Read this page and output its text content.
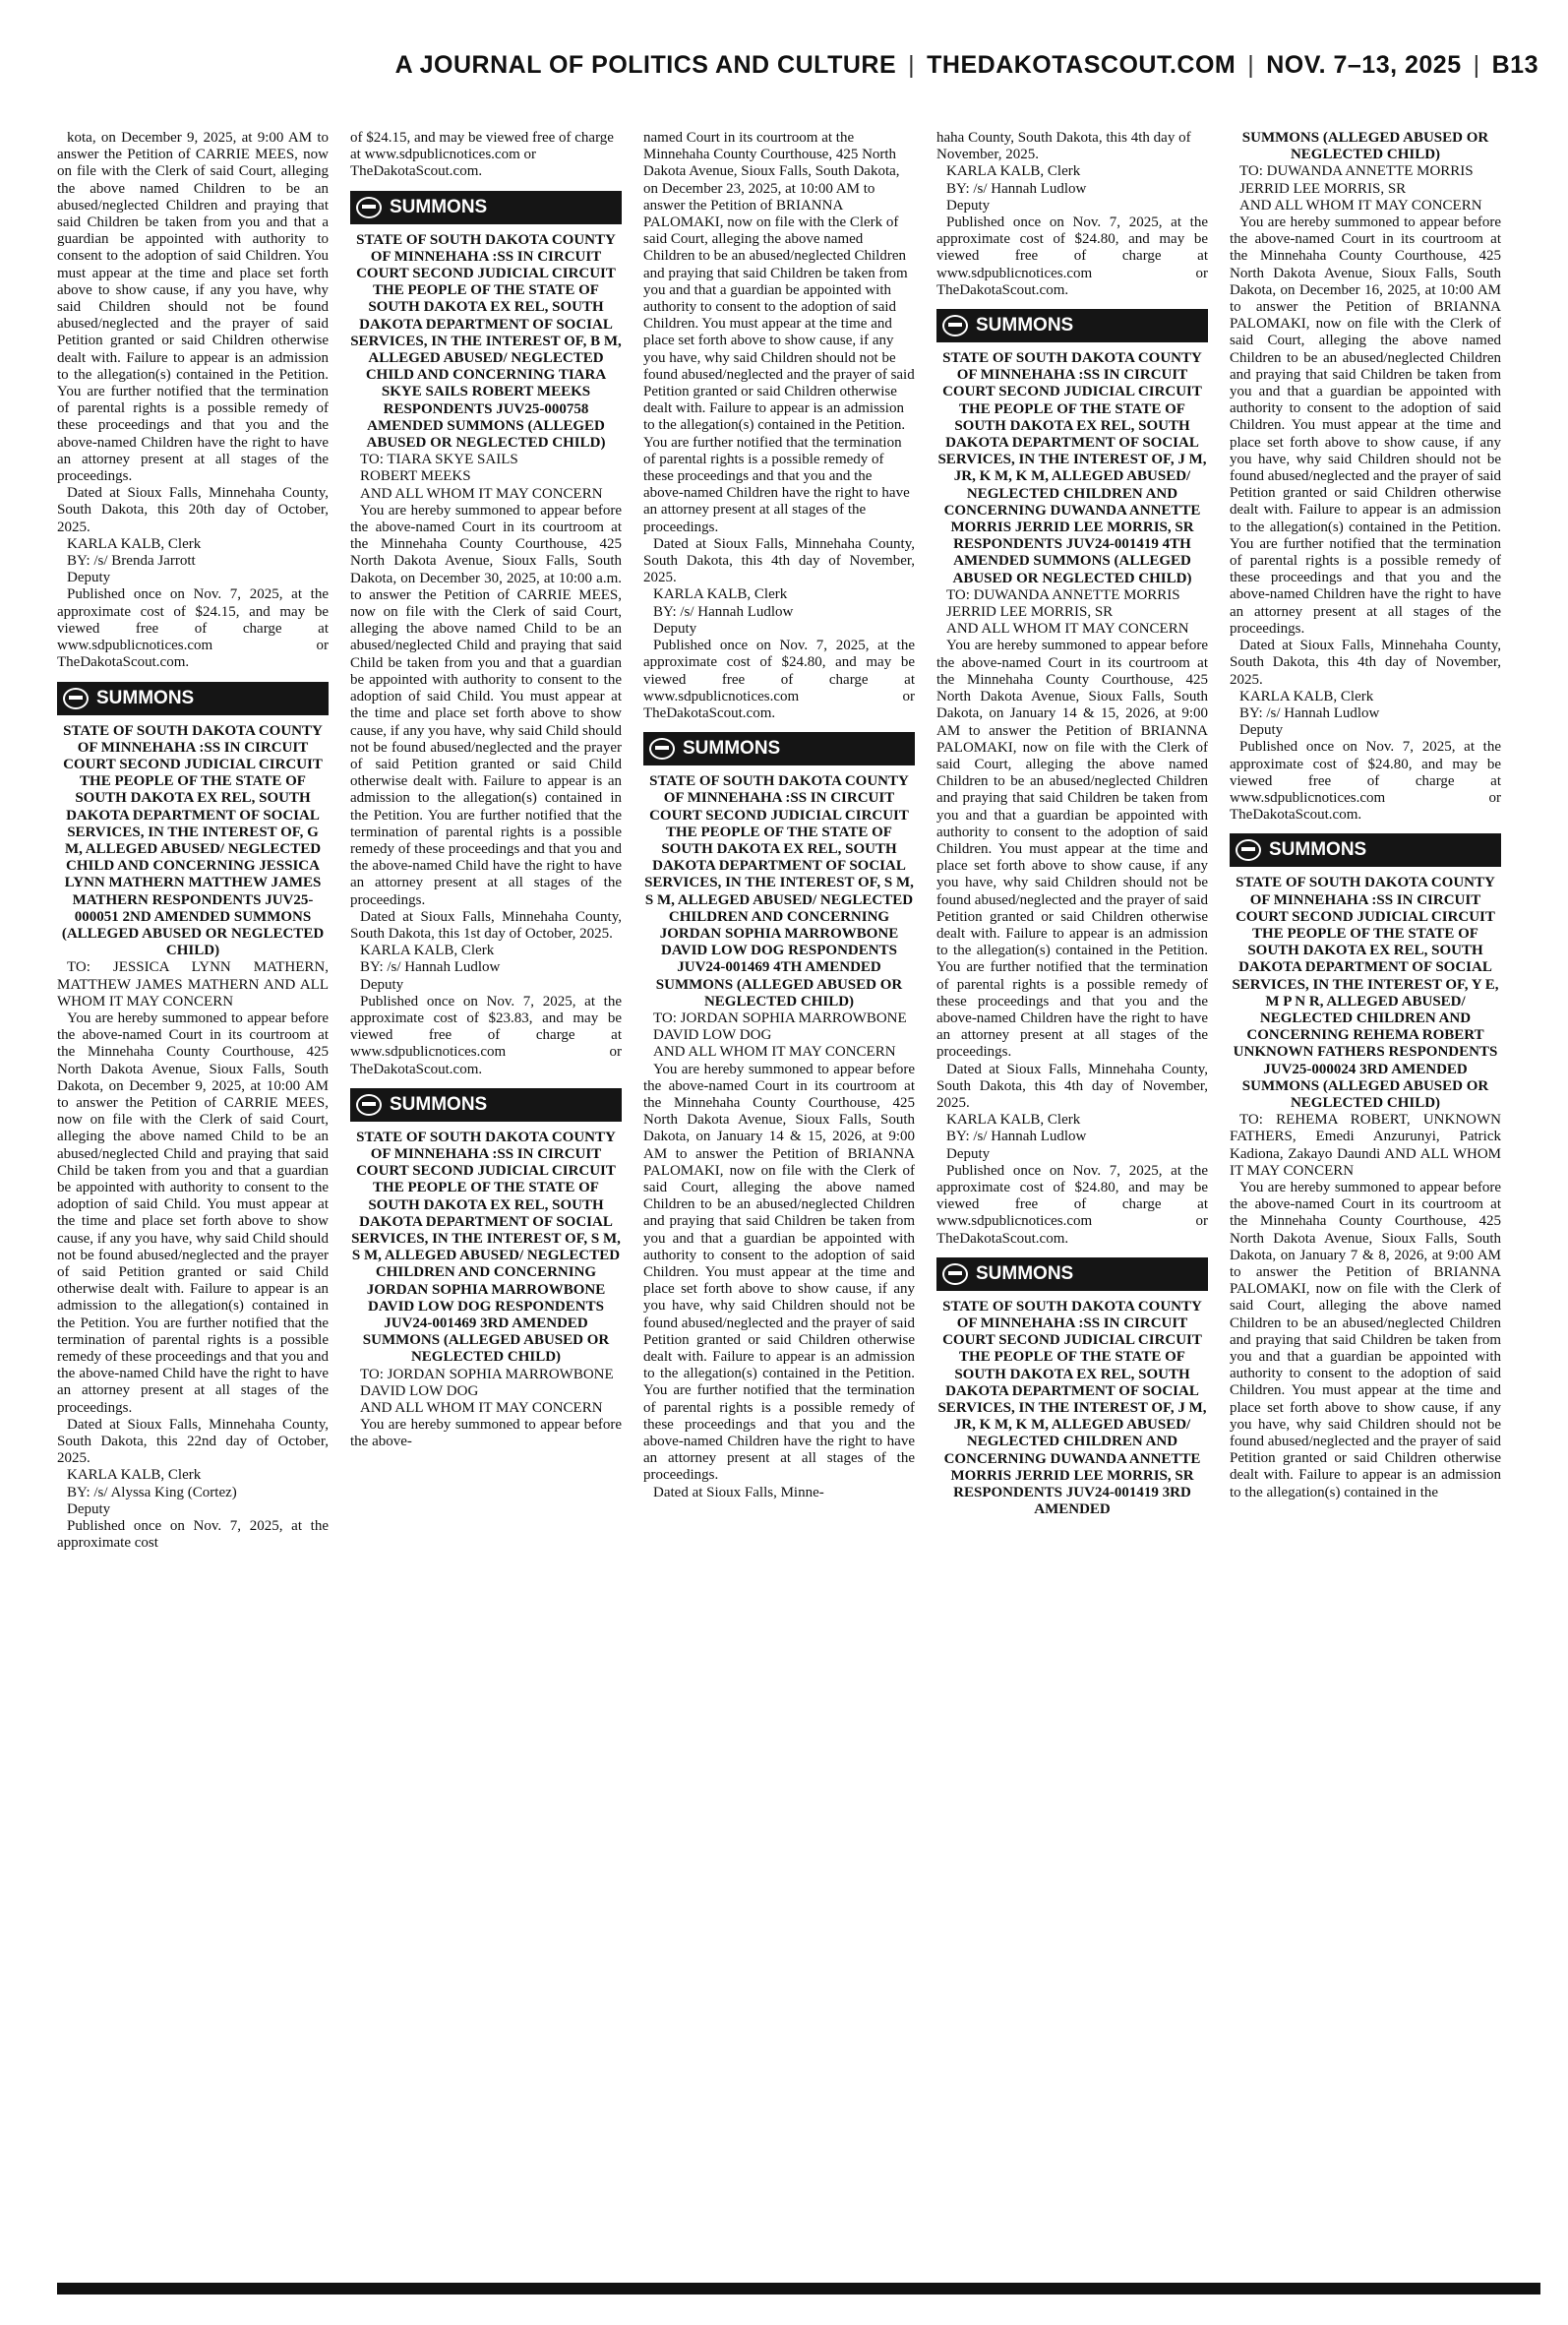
A JOURNAL OF POLITICS AND CULTURE | THEDAKOTASCOUT.COM | NOV. 7–13, 2025 | B13

kota, on December 9, 2025, at 9:00 AM to answer the Petition of CARRIE MEES, now on file with the Clerk of said Court, alleging the above named Children to be an abused/neglected Children and praying that said Children be taken from you and that a guardian be appointed with authority to consent to the adoption of said Children. You must appear at the time and place set forth above to show cause, if any you have, why said Children should not be found abused/neglected and the prayer of said Petition granted or said Children otherwise dealt with. Failure to appear is an admission to the allegation(s) contained in the Petition. You are further notified that the termination of parental rights is a possible remedy of these proceedings and that you and the above-named Children have the right to have an attorney present at all stages of the proceedings.

Dated at Sioux Falls, Minnehaha County, South Dakota, this 20th day of October, 2025.

KARLA KALB, Clerk

BY: /s/ Brenda Jarrott

Deputy

Published once on Nov. 7, 2025, at the approximate cost of $24.15, and may be viewed free of charge at www.sdpublicnotices.com or TheDakotaScout.com.

SUMMONS

STATE OF SOUTH DAKOTA COUNTY OF MINNEHAHA :SS IN CIRCUIT COURT SECOND JUDICIAL CIRCUIT THE PEOPLE OF THE STATE OF SOUTH DAKOTA EX REL, SOUTH DAKOTA DEPARTMENT OF SOCIAL SERVICES, IN THE INTEREST OF, G M, ALLEGED ABUSED/ NEGLECTED CHILD AND CONCERNING JESSICA LYNN MATHERN MATTHEW JAMES MATHERN RESPONDENTS JUV25-000051 2ND AMENDED SUMMONS (ALLEGED ABUSED OR NEGLECTED CHILD)

TO: JESSICA LYNN MATHERN, MATTHEW JAMES MATHERN AND ALL WHOM IT MAY CONCERN

You are hereby summoned to appear before the above-named Court in its courtroom at the Minnehaha County Courthouse, 425 North Dakota Avenue, Sioux Falls, South Dakota, on December 9, 2025, at 10:00 AM to answer the Petition of CARRIE MEES, now on file with the Clerk of said Court, alleging the above named Child to be an abused/neglected Child and praying that said Child be taken from you and that a guardian be appointed with authority to consent to the adoption of said Child. You must appear at the time and place set forth above to show cause, if any you have, why said Child should not be found abused/neglected and the prayer of said Petition granted or said Child otherwise dealt with. Failure to appear is an admission to the allegation(s) contained in the Petition. You are further notified that the termination of parental rights is a possible remedy of these proceedings and that you and the above-named Child have the right to have an attorney present at all stages of the proceedings.

Dated at Sioux Falls, Minnehaha County, South Dakota, this 22nd day of October, 2025.

KARLA KALB, Clerk

BY: /s/ Alyssa King (Cortez)

Deputy

Published once on Nov. 7, 2025, at the approximate cost

of $24.15, and may be viewed free of charge at www.sdpublicnotices.com or TheDakotaScout.com.

SUMMONS

STATE OF SOUTH DAKOTA COUNTY OF MINNEHAHA :SS IN CIRCUIT COURT SECOND JUDICIAL CIRCUIT THE PEOPLE OF THE STATE OF SOUTH DAKOTA EX REL, SOUTH DAKOTA DEPARTMENT OF SOCIAL SERVICES, IN THE INTEREST OF, B M, ALLEGED ABUSED/ NEGLECTED CHILD AND CONCERNING TIARA SKYE SAILS ROBERT MEEKS RESPONDENTS JUV25-000758 AMENDED SUMMONS (ALLEGED ABUSED OR NEGLECTED CHILD)

TO: TIARA SKYE SAILS

ROBERT MEEKS

AND ALL WHOM IT MAY CONCERN

You are hereby summoned to appear before the above-named Court in its courtroom at the Minnehaha County Courthouse, 425 North Dakota Avenue, Sioux Falls, South Dakota, on December 30, 2025, at 10:00 a.m. to answer the Petition of CARRIE MEES, now on file with the Clerk of said Court, alleging the above named Child to be an abused/neglected Child and praying that said Child be taken from you and that a guardian be appointed with authority to consent to the adoption of said Child. You must appear at the time and place set forth above to show cause, if any you have, why said Child should not be found abused/neglected and the prayer of said Petition granted or said Child otherwise dealt with. Failure to appear is an admission to the allegation(s) contained in the Petition. You are further notified that the termination of parental rights is a possible remedy of these proceedings and that you and the above-named Child have the right to have an attorney present at all stages of the proceedings.

Dated at Sioux Falls, Minnehaha County, South Dakota, this 1st day of October, 2025.

KARLA KALB, Clerk

BY: /s/ Hannah Ludlow

Deputy

Published once on Nov. 7, 2025, at the approximate cost of $23.83, and may be viewed free of charge at www.sdpublicnotices.com or TheDakotaScout.com.

SUMMONS

STATE OF SOUTH DAKOTA COUNTY OF MINNEHAHA :SS IN CIRCUIT COURT SECOND JUDICIAL CIRCUIT THE PEOPLE OF THE STATE OF SOUTH DAKOTA EX REL, SOUTH DAKOTA DEPARTMENT OF SOCIAL SERVICES, IN THE INTEREST OF, S M, S M, ALLEGED ABUSED/ NEGLECTED CHILDREN AND CONCERNING JORDAN SOPHIA MARROWBONE DAVID LOW DOG RESPONDENTS JUV24-001469 3RD AMENDED SUMMONS (ALLEGED ABUSED OR NEGLECTED CHILD)

TO: JORDAN SOPHIA MARROWBONE

DAVID LOW DOG

AND ALL WHOM IT MAY CONCERN

You are hereby summoned to appear before the above-

named Court in its courtroom at the Minnehaha County Courthouse, 425 North Dakota Avenue, Sioux Falls, South Dakota, on December 23, 2025, at 10:00 AM to answer the Petition of BRIANNA PALOMAKI, now on file with the Clerk of said Court, alleging the above named Children to be an abused/neglected Children and praying that said Children be taken from you and that a guardian be appointed with authority to consent to the adoption of said Children. You must appear at the time and place set forth above to show cause, if any you have, why said Children should not be found abused/neglected and the prayer of said Petition granted or said Children otherwise dealt with. Failure to appear is an admission to the allegation(s) contained in the Petition. You are further notified that the termination of parental rights is a possible remedy of these proceedings and that you and the above-named Children have the right to have an attorney present at all stages of the proceedings.

Dated at Sioux Falls, Minnehaha County, South Dakota, this 4th day of November, 2025.

KARLA KALB, Clerk

BY: /s/ Hannah Ludlow

Deputy

Published once on Nov. 7, 2025, at the approximate cost of $24.80, and may be viewed free of charge at www.sdpublicnotices.com or TheDakotaScout.com.

SUMMONS

STATE OF SOUTH DAKOTA COUNTY OF MINNEHAHA :SS IN CIRCUIT COURT SECOND JUDICIAL CIRCUIT THE PEOPLE OF THE STATE OF SOUTH DAKOTA EX REL, SOUTH DAKOTA DEPARTMENT OF SOCIAL SERVICES, IN THE INTEREST OF, S M, S M, ALLEGED ABUSED/ NEGLECTED CHILDREN AND CONCERNING JORDAN SOPHIA MARROWBONE DAVID LOW DOG RESPONDENTS JUV24-001469 4TH AMENDED SUMMONS (ALLEGED ABUSED OR NEGLECTED CHILD)

TO: JORDAN SOPHIA MARROWBONE

DAVID LOW DOG

AND ALL WHOM IT MAY CONCERN

You are hereby summoned to appear before the above-named Court in its courtroom at the Minnehaha County Courthouse, 425 North Dakota Avenue, Sioux Falls, South Dakota, on January 14 & 15, 2026, at 9:00 AM to answer the Petition of BRIANNA PALOMAKI, now on file with the Clerk of said Court, alleging the above named Children to be an abused/neglected Children and praying that said Children be taken from you and that a guardian be appointed with authority to consent to the adoption of said Children. You must appear at the time and place set forth above to show cause, if any you have, why said Children should not be found abused/neglected and the prayer of said Petition granted or said Children otherwise dealt with. Failure to appear is an admission to the allegation(s) contained in the Petition. You are further notified that the termination of parental rights is a possible remedy of these proceedings and that you and the above-named Children have the right to have an attorney present at all stages of the proceedings.

Dated at Sioux Falls, Minne-

haha County, South Dakota, this 4th day of November, 2025.

KARLA KALB, Clerk

BY: /s/ Hannah Ludlow

Deputy

Published once on Nov. 7, 2025, at the approximate cost of $24.80, and may be viewed free of charge at www.sdpublicnotices.com or TheDakotaScout.com.

SUMMONS

STATE OF SOUTH DAKOTA COUNTY OF MINNEHAHA :SS IN CIRCUIT COURT SECOND JUDICIAL CIRCUIT THE PEOPLE OF THE STATE OF SOUTH DAKOTA EX REL, SOUTH DAKOTA DEPARTMENT OF SOCIAL SERVICES, IN THE INTEREST OF, J M, JR, K M, K M, ALLEGED ABUSED/ NEGLECTED CHILDREN AND CONCERNING DUWANDA ANNETTE MORRIS JERRID LEE MORRIS, SR RESPONDENTS JUV24-001419 4TH AMENDED SUMMONS (ALLEGED ABUSED OR NEGLECTED CHILD)

TO: DUWANDA ANNETTE MORRIS

JERRID LEE MORRIS, SR

AND ALL WHOM IT MAY CONCERN

You are hereby summoned to appear before the above-named Court in its courtroom at the Minnehaha County Courthouse, 425 North Dakota Avenue, Sioux Falls, South Dakota, on January 14 & 15, 2026, at 9:00 AM to answer the Petition of BRIANNA PALOMAKI, now on file with the Clerk of said Court, alleging the above named Children to be an abused/neglected Children and praying that said Children be taken from you and that a guardian be appointed with authority to consent to the adoption of said Children. You must appear at the time and place set forth above to show cause, if any you have, why said Children should not be found abused/neglected and the prayer of said Petition granted or said Children otherwise dealt with. Failure to appear is an admission to the allegation(s) contained in the Petition. You are further notified that the termination of parental rights is a possible remedy of these proceedings and that you and the above-named Children have the right to have an attorney present at all stages of the proceedings.

Dated at Sioux Falls, Minnehaha County, South Dakota, this 4th day of November, 2025.

KARLA KALB, Clerk

BY: /s/ Hannah Ludlow

Deputy

Published once on Nov. 7, 2025, at the approximate cost of $24.80, and may be viewed free of charge at www.sdpublicnotices.com or TheDakotaScout.com.

SUMMONS

STATE OF SOUTH DAKOTA COUNTY OF MINNEHAHA :SS IN CIRCUIT COURT SECOND JUDICIAL CIRCUIT THE PEOPLE OF THE STATE OF SOUTH DAKOTA EX REL, SOUTH DAKOTA DEPARTMENT OF SOCIAL SERVICES, IN THE INTEREST OF, J M, JR, K M, K M, ALLEGED ABUSED/ NEGLECTED CHILDREN AND CONCERNING DUWANDA ANNETTE MORRIS JERRID LEE MORRIS, SR RESPONDENTS JUV24-001419 3RD AMENDED

SUMMONS (ALLEGED ABUSED OR NEGLECTED CHILD)

TO: DUWANDA ANNETTE MORRIS

JERRID LEE MORRIS, SR

AND ALL WHOM IT MAY CONCERN

You are hereby summoned to appear before the above-named Court in its courtroom at the Minnehaha County Courthouse, 425 North Dakota Avenue, Sioux Falls, South Dakota, on December 16, 2025, at 10:00 AM to answer the Petition of BRIANNA PALOMAKI, now on file with the Clerk of said Court, alleging the above named Children to be an abused/neglected Children and praying that said Children be taken from you and that a guardian be appointed with authority to consent to the adoption of said Children. You must appear at the time and place set forth above to show cause, if any you have, why said Children should not be found abused/neglected and the prayer of said Petition granted or said Children otherwise dealt with. Failure to appear is an admission to the allegation(s) contained in the Petition. You are further notified that the termination of parental rights is a possible remedy of these proceedings and that you and the above-named Children have the right to have an attorney present at all stages of the proceedings.

Dated at Sioux Falls, Minnehaha County, South Dakota, this 4th day of November, 2025.

KARLA KALB, Clerk

BY: /s/ Hannah Ludlow

Deputy

Published once on Nov. 7, 2025, at the approximate cost of $24.80, and may be viewed free of charge at www.sdpublicnotices.com or TheDakotaScout.com.

SUMMONS

STATE OF SOUTH DAKOTA COUNTY OF MINNEHAHA :SS IN CIRCUIT COURT SECOND JUDICIAL CIRCUIT THE PEOPLE OF THE STATE OF SOUTH DAKOTA EX REL, SOUTH DAKOTA DEPARTMENT OF SOCIAL SERVICES, IN THE INTEREST OF, Y E, M P N R, ALLEGED ABUSED/ NEGLECTED CHILDREN AND CONCERNING REHEMA ROBERT UNKNOWN FATHERS RESPONDENTS JUV25-000024 3RD AMENDED SUMMONS (ALLEGED ABUSED OR NEGLECTED CHILD)

TO: REHEMA ROBERT, UNKNOWN FATHERS, Emedi Anzurunyi, Patrick Kadiona, Zakayo Daundi AND ALL WHOM IT MAY CONCERN

You are hereby summoned to appear before the above-named Court in its courtroom at the Minnehaha County Courthouse, 425 North Dakota Avenue, Sioux Falls, South Dakota, on January 7 & 8, 2026, at 9:00 AM to answer the Petition of BRIANNA PALOMAKI, now on file with the Clerk of said Court, alleging the above named Children to be an abused/neglected Children and praying that said Children be taken from you and that a guardian be appointed with authority to consent to the adoption of said Children. You must appear at the time and place set forth above to show cause, if any you have, why said Children should not be found abused/neglected and the prayer of said Petition granted or said Children otherwise dealt with. Failure to appear is an admission to the allegation(s) contained in the
